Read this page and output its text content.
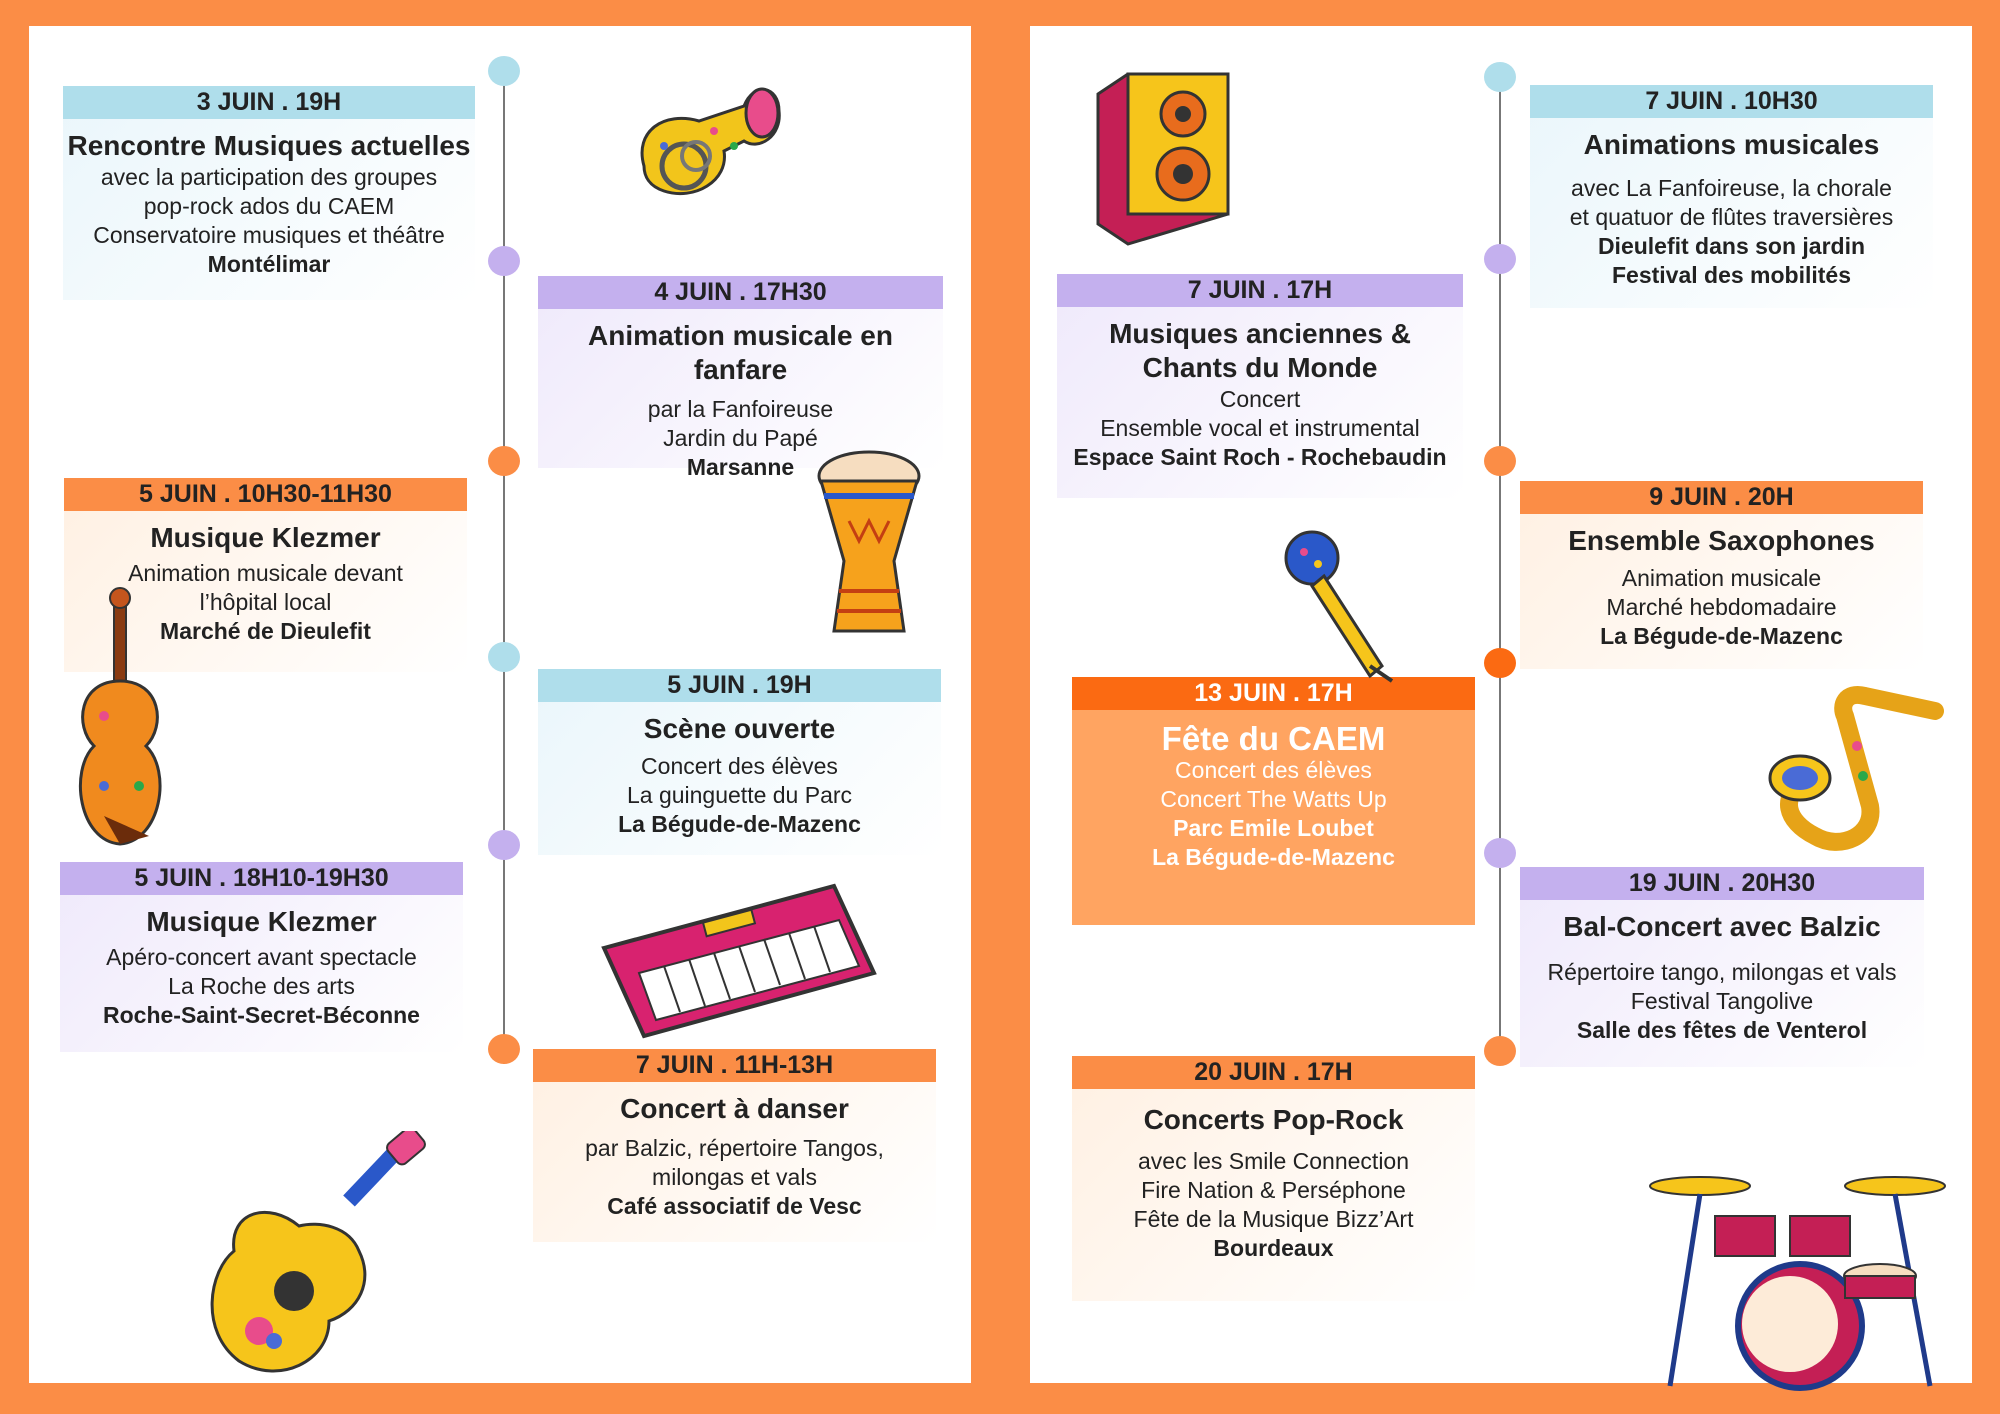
3 JUIN . 19H
Rencontre Musiques actuelles
avec la participation des groupes
pop-rock ados du CAEM
Conservatoire musiques et théâtre
Montélimar
4 JUIN . 17H30
Animation musicale en fanfare
par la Fanfoireuse
Jardin du Papé
Marsanne
5 JUIN . 10H30-11H30
Musique Klezmer
Animation musicale devant
l’hôpital local
Marché de Dieulefit
5 JUIN . 19H
Scène ouverte
Concert des élèves
La guinguette du Parc
La Bégude-de-Mazenc
5 JUIN . 18H10-19H30
Musique Klezmer
Apéro-concert avant spectacle
La Roche des arts
Roche-Saint-Secret-Béconne
7 JUIN . 11H-13H
Concert à danser
par Balzic, répertoire Tangos,
milongas et vals
Café associatif de Vesc
7 JUIN . 10H30
Animations musicales
avec La Fanfoireuse, la chorale
et quatuor de flûtes traversières
Dieulefit dans son jardin
Festival des mobilités
7 JUIN . 17H
Musiques anciennes &
Chants du Monde
Concert
Ensemble vocal et instrumental
Espace Saint Roch - Rochebaudin
9 JUIN . 20H
Ensemble Saxophones
Animation musicale
Marché hebdomadaire
La Bégude-de-Mazenc
13 JUIN . 17H
Fête du CAEM
Concert des élèves
Concert The Watts Up
Parc Emile Loubet
La Bégude-de-Mazenc
19 JUIN . 20H30
Bal-Concert avec Balzic
Répertoire tango, milongas et vals
Festival Tangolive
Salle des fêtes de Venterol
20 JUIN . 17H
Concerts Pop-Rock
avec les Smile Connection
Fire Nation & Perséphone
Fête de la Musique Bizz’Art
Bourdeaux
